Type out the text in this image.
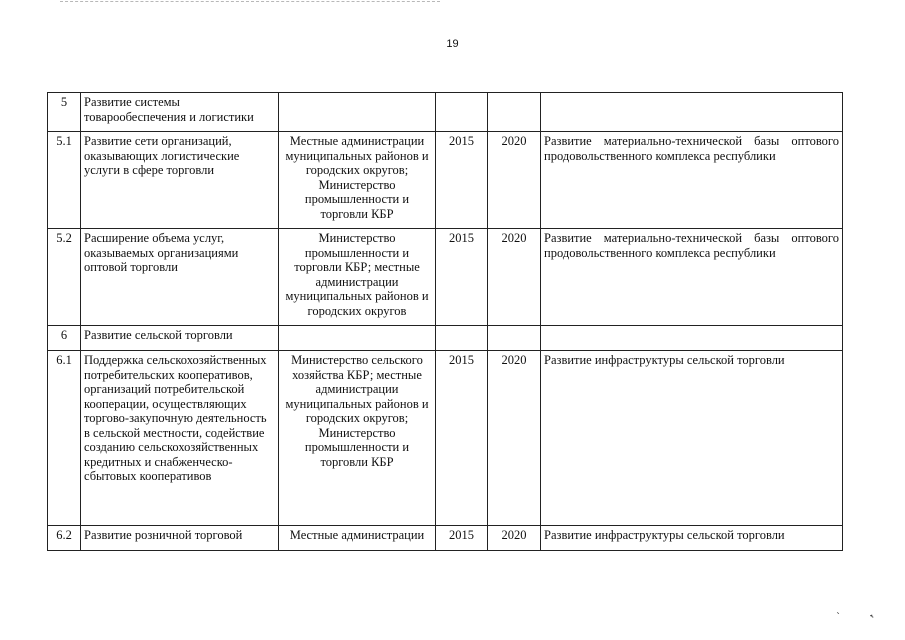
19
5	Развитие системы товарообеспечения и логистики				
5.1	Развитие сети организаций, оказывающих логистические услуги в сфере торговли	Местные администрации муниципальных районов и городских округов; Министерство промышленности и торговли КБР	2015	2020	Развитие материально-технической базы оптового продовольственного комплекса республики
5.2	Расширение объема услуг, оказываемых организациями оптовой торговли	Министерство промышленности и торговли КБР; местные администрации муниципальных районов и городских округов	2015	2020	Развитие материально-технической базы оптового продовольственного комплекса республики
6	Развитие сельской торговли				
6.1	Поддержка сельскохозяйственных потребительских кооперативов, организаций потребительской кооперации, осуществляющих торгово-закупочную деятельность в сельской местности, содействие созданию сельскохозяйственных кредитных и снабженческо-сбытовых кооперативов	Министерство сельского хозяйства КБР; местные администрации муниципальных районов и городских округов; Министерство промышленности и торговли КБР	2015	2020	Развитие инфраструктуры сельской торговли
6.2	Развитие розничной торговой	Местные администрации	2015	2020	Развитие инфраструктуры сельской торговли
ˋ	˞
